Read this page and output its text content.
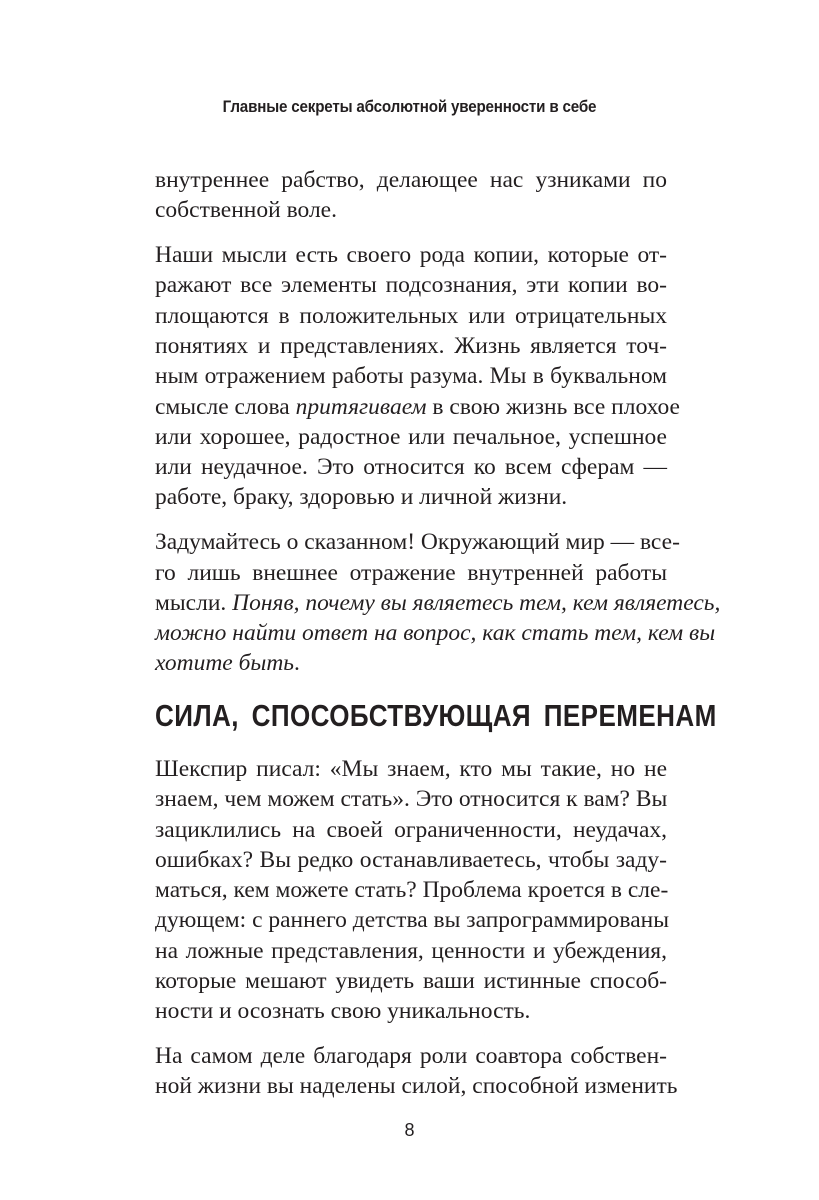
Главные секреты абсолютной уверенности в себе
внутреннее рабство, делающее нас узниками по
собственной воле.
Наши мысли есть своего рода копии, которые от-
ражают все элементы подсознания, эти копии во-
площаются в положительных или отрицательных
понятиях и представлениях. Жизнь является точ-
ным отражением работы разума. Мы в буквальном
смысле слова притягиваем в свою жизнь все плохое
или хорошее, радостное или печальное, успешное
или неудачное. Это относится ко всем сферам —
работе, браку, здоровью и личной жизни.
Задумайтесь о сказанном! Окружающий мир — все-
го лишь внешнее отражение внутренней работы
мысли. Поняв, почему вы являетесь тем, кем являетесь,
можно найти ответ на вопрос, как стать тем, кем вы
хотите быть.
СИЛА, СПОСОБСТВУЮЩАЯ ПЕРЕМЕНАМ
Шекспир писал: «Мы знаем, кто мы такие, но не
знаем, чем можем стать». Это относится к вам? Вы
зациклились на своей ограниченности, неудачах,
ошибках? Вы редко останавливаетесь, чтобы заду-
маться, кем можете стать? Проблема кроется в сле-
дующем: с раннего детства вы запрограммированы
на ложные представления, ценности и убеждения,
которые мешают увидеть ваши истинные способ-
ности и осознать свою уникальность.
На самом деле благодаря роли соавтора собствен-
ной жизни вы наделены силой, способной изменить
8
